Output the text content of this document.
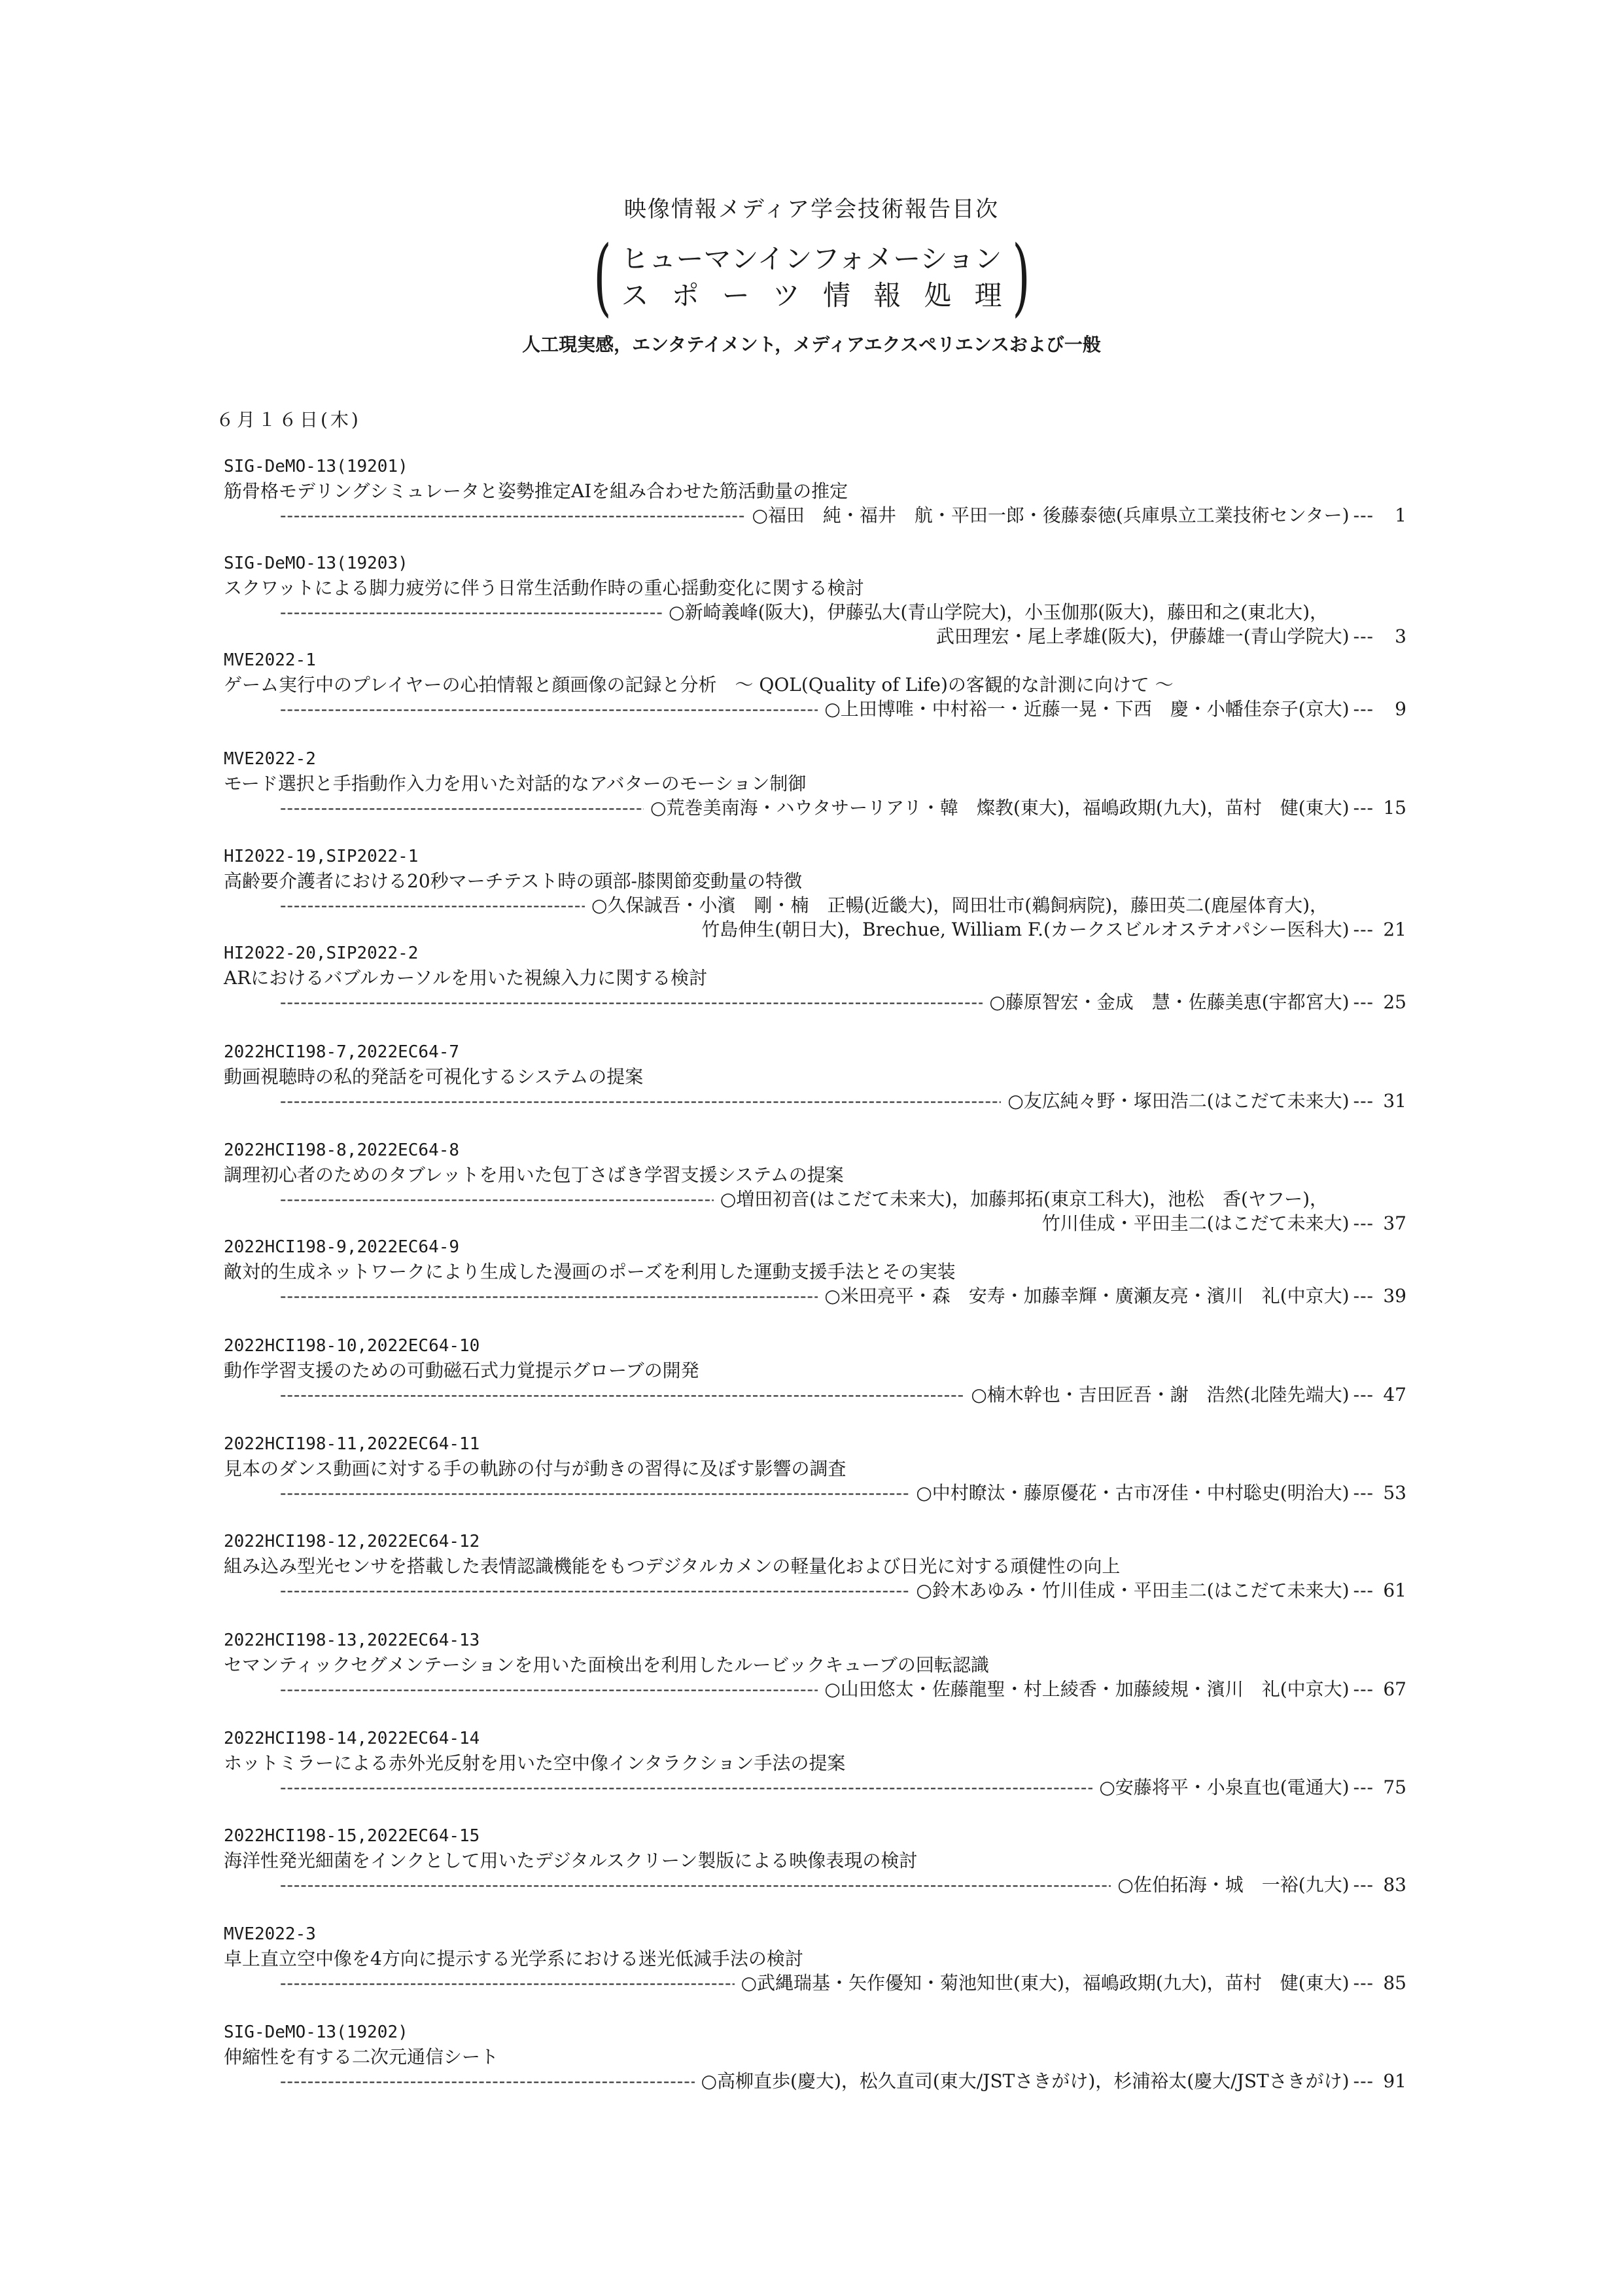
映像情報メディア学会技術報告目次
( ヒューマンインフォメーション
ス ポ ー ツ 情 報 処 理 )
人工現実感，エンタテイメント，メディアエクスペリエンスおよび一般
６月１６日(木)
SIG-DeMO-13(19201)
筋骨格モデリングシミュレータと姿勢推定AIを組み合わせた筋活動量の推定
-----
○福田　純・福井　航・平田一郎・後藤泰徳(兵庫県立工業技術センター) ---	1
SIG-DeMO-13(19203)
スクワットによる脚力疲労に伴う日常生活動作時の重心揺動変化に関する検討
-----
○新崎義峰(阪大)，伊藤弘大(青山学院大)，小玉伽那(阪大)，藤田和之(東北大)，
武田理宏・尾上孝雄(阪大)，伊藤雄一(青山学院大) ---	3
MVE2022-1
ゲーム実行中のプレイヤーの心拍情報と顔画像の記録と分析　～ QOL(Quality of Life)の客観的な計測に向けて ～
-----
○上田博唯・中村裕一・近藤一晃・下西　慶・小幡佳奈子(京大) ---	9
MVE2022-2
モード選択と手指動作入力を用いた対話的なアバターのモーション制御
-----
○荒巻美南海・ハウタサーリアリ・韓　燦教(東大)，福嶋政期(九大)，苗村　健(東大) --- 15
HI2022-19,SIP2022-1
高齢要介護者における20秒マーチテスト時の頭部-膝関節変動量の特徴
-----
○久保誠吾・小濱　剛・楠　正暢(近畿大)，岡田壮市(鵜飼病院)，藤田英二(鹿屋体育大)，
竹島伸生(朝日大)，Brechue, William F.(カークスビルオステオパシー医科大) --- 21
HI2022-20,SIP2022-2
ARにおけるバブルカーソルを用いた視線入力に関する検討
-----
○藤原智宏・金成　慧・佐藤美恵(宇都宮大) --- 25
2022HCI198-7,2022EC64-7
動画視聴時の私的発話を可視化するシステムの提案
-----
○友広純々野・塚田浩二(はこだて未来大) --- 31
2022HCI198-8,2022EC64-8
調理初心者のためのタブレットを用いた包丁さばき学習支援システムの提案
-----
○増田初音(はこだて未来大)，加藤邦拓(東京工科大)，池松　香(ヤフー)，
竹川佳成・平田圭二(はこだて未来大) --- 37
2022HCI198-9,2022EC64-9
敵対的生成ネットワークにより生成した漫画のポーズを利用した運動支援手法とその実装
-----
○米田亮平・森　安寿・加藤幸輝・廣瀬友亮・濱川　礼(中京大) --- 39
2022HCI198-10,2022EC64-10
動作学習支援のための可動磁石式力覚提示グローブの開発
-----
○楠木幹也・吉田匠吾・謝　浩然(北陸先端大) --- 47
2022HCI198-11,2022EC64-11
見本のダンス動画に対する手の軌跡の付与が動きの習得に及ぼす影響の調査
-----
○中村瞭汰・藤原優花・古市冴佳・中村聡史(明治大) --- 53
2022HCI198-12,2022EC64-12
組み込み型光センサを搭載した表情認識機能をもつデジタルカメンの軽量化および日光に対する頑健性の向上
-----
○鈴木あゆみ・竹川佳成・平田圭二(はこだて未来大) --- 61
2022HCI198-13,2022EC64-13
セマンティックセグメンテーションを用いた面検出を利用したルービックキューブの回転認識
-----
○山田悠太・佐藤龍聖・村上綾香・加藤綾規・濱川　礼(中京大) --- 67
2022HCI198-14,2022EC64-14
ホットミラーによる赤外光反射を用いた空中像インタラクション手法の提案
-----
○安藤将平・小泉直也(電通大) --- 75
2022HCI198-15,2022EC64-15
海洋性発光細菌をインクとして用いたデジタルスクリーン製版による映像表現の検討
-----
○佐伯拓海・城　一裕(九大) --- 83
MVE2022-3
卓上直立空中像を4方向に提示する光学系における迷光低減手法の検討
-----
○武縄瑞基・矢作優知・菊池知世(東大)，福嶋政期(九大)，苗村　健(東大) --- 85
SIG-DeMO-13(19202)
伸縮性を有する二次元通信シート
-----
○高柳直歩(慶大)，松久直司(東大/JSTさきがけ)，杉浦裕太(慶大/JSTさきがけ) --- 91
